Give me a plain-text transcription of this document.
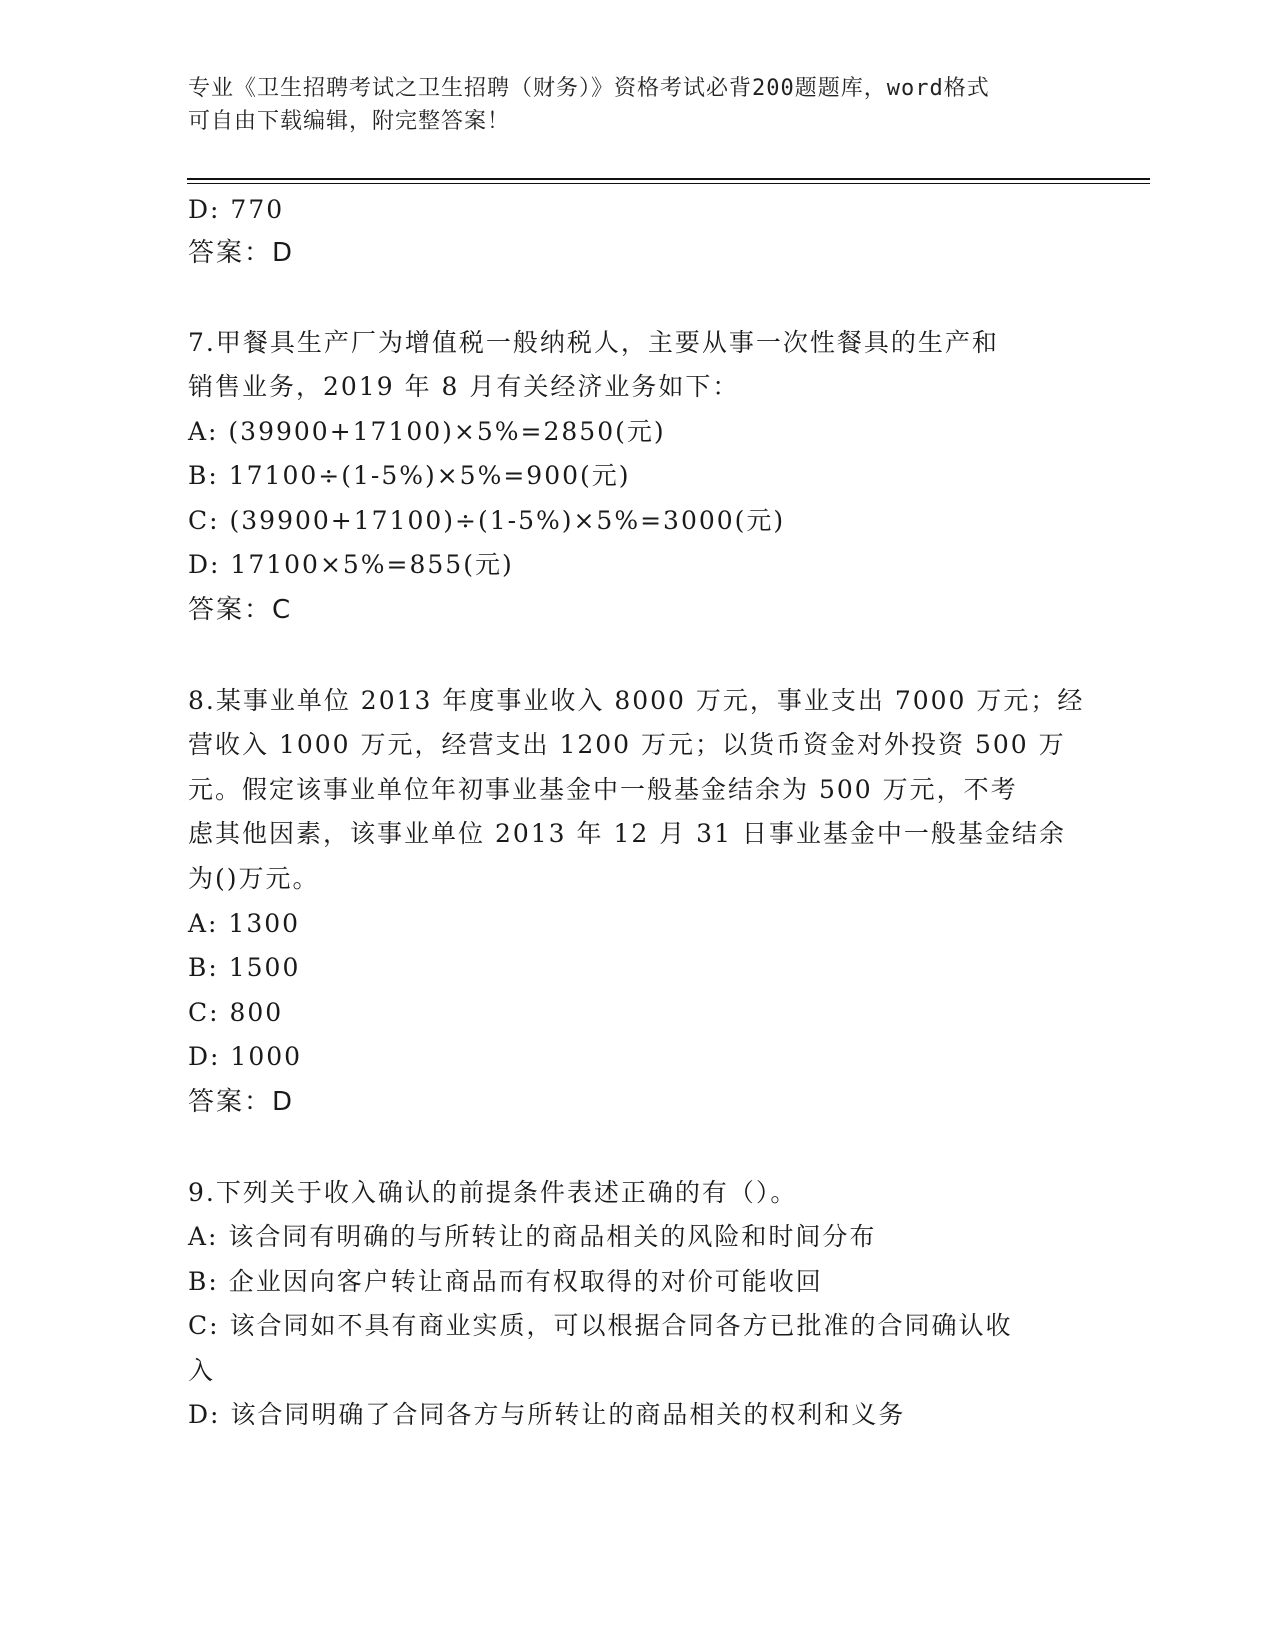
专业《卫生招聘考试之卫生招聘（财务）》资格考试必背200题题库，word格式
可自由下载编辑，附完整答案！
D: 770
答案：D
7.甲餐具生产厂为增值税一般纳税人，主要从事一次性餐具的生产和
销售业务，2019 年 8 月有关经济业务如下：
A: (39900+17100)×5%=2850(元)
B: 17100÷(1-5%)×5%=900(元)
C: (39900+17100)÷(1-5%)×5%=3000(元)
D: 17100×5%=855(元)
答案：C
8.某事业单位 2013 年度事业收入 8000 万元，事业支出 7000 万元；经
营收入 1000 万元，经营支出 1200 万元；以货币资金对外投资 500 万
元。假定该事业单位年初事业基金中一般基金结余为 500 万元，不考
虑其他因素，该事业单位 2013 年 12 月 31 日事业基金中一般基金结余
为()万元。
A: 1300
B: 1500
C: 800
D: 1000
答案：D
9.下列关于收入确认的前提条件表述正确的有（）。
A: 该合同有明确的与所转让的商品相关的风险和时间分布
B: 企业因向客户转让商品而有权取得的对价可能收回
C: 该合同如不具有商业实质，可以根据合同各方已批准的合同确认收
入
D: 该合同明确了合同各方与所转让的商品相关的权利和义务
